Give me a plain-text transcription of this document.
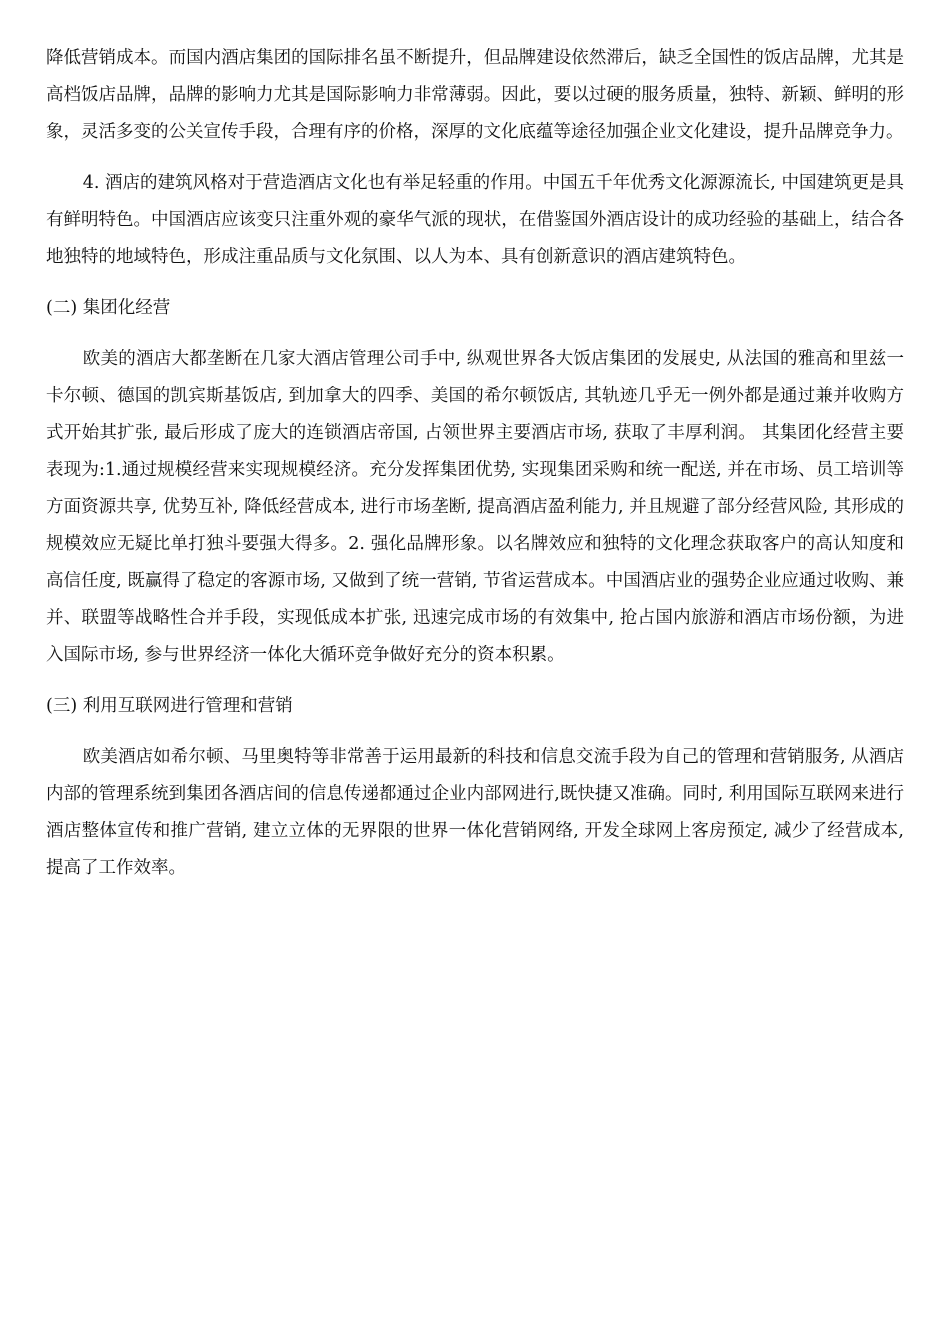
降低营销成本。而国内酒店集团的国际排名虽不断提升，但品牌建设依然滞后，缺乏全国性的饭店品牌，尤其是高档饭店品牌，品牌的影响力尤其是国际影响力非常薄弱。因此，要以过硬的服务质量，独特、新颖、鲜明的形象，灵活多变的公关宣传手段，合理有序的价格，深厚的文化底蕴等途径加强企业文化建设，提升品牌竞争力。

4. 酒店的建筑风格对于营造酒店文化也有举足轻重的作用。中国五千年优秀文化源源流长, 中国建筑更是具有鲜明特色。中国酒店应该变只注重外观的豪华气派的现状，在借鉴国外酒店设计的成功经验的基础上，结合各地独特的地域特色，形成注重品质与文化氛围、以人为本、具有创新意识的酒店建筑特色。

(二) 集团化经营

欧美的酒店大都垄断在几家大酒店管理公司手中, 纵观世界各大饭店集团的发展史, 从法国的雅高和里兹一卡尔顿、德国的凯宾斯基饭店, 到加拿大的四季、美国的希尔顿饭店, 其轨迹几乎无一例外都是通过兼并收购方式开始其扩张, 最后形成了庞大的连锁酒店帝国, 占领世界主要酒店市场, 获取了丰厚利润。 其集团化经营主要表现为:1.通过规模经营来实现规模经济。充分发挥集团优势, 实现集团采购和统一配送, 并在市场、员工培训等方面资源共享, 优势互补, 降低经营成本, 进行市场垄断, 提高酒店盈利能力, 并且规避了部分经营风险, 其形成的规模效应无疑比单打独斗要强大得多。2. 强化品牌形象。以名牌效应和独特的文化理念获取客户的高认知度和高信任度, 既赢得了稳定的客源市场, 又做到了统一营销, 节省运营成本。中国酒店业的强势企业应通过收购、兼并、联盟等战略性合并手段，实现低成本扩张, 迅速完成市场的有效集中, 抢占国内旅游和酒店市场份额，为进入国际市场, 参与世界经济一体化大循环竞争做好充分的资本积累。

(三) 利用互联网进行管理和营销

欧美酒店如希尔顿、马里奥特等非常善于运用最新的科技和信息交流手段为自己的管理和营销服务, 从酒店内部的管理系统到集团各酒店间的信息传递都通过企业内部网进行,既快捷又准确。同时, 利用国际互联网来进行酒店整体宣传和推广营销, 建立立体的无界限的世界一体化营销网络, 开发全球网上客房预定, 减少了经营成本,提高了工作效率。
